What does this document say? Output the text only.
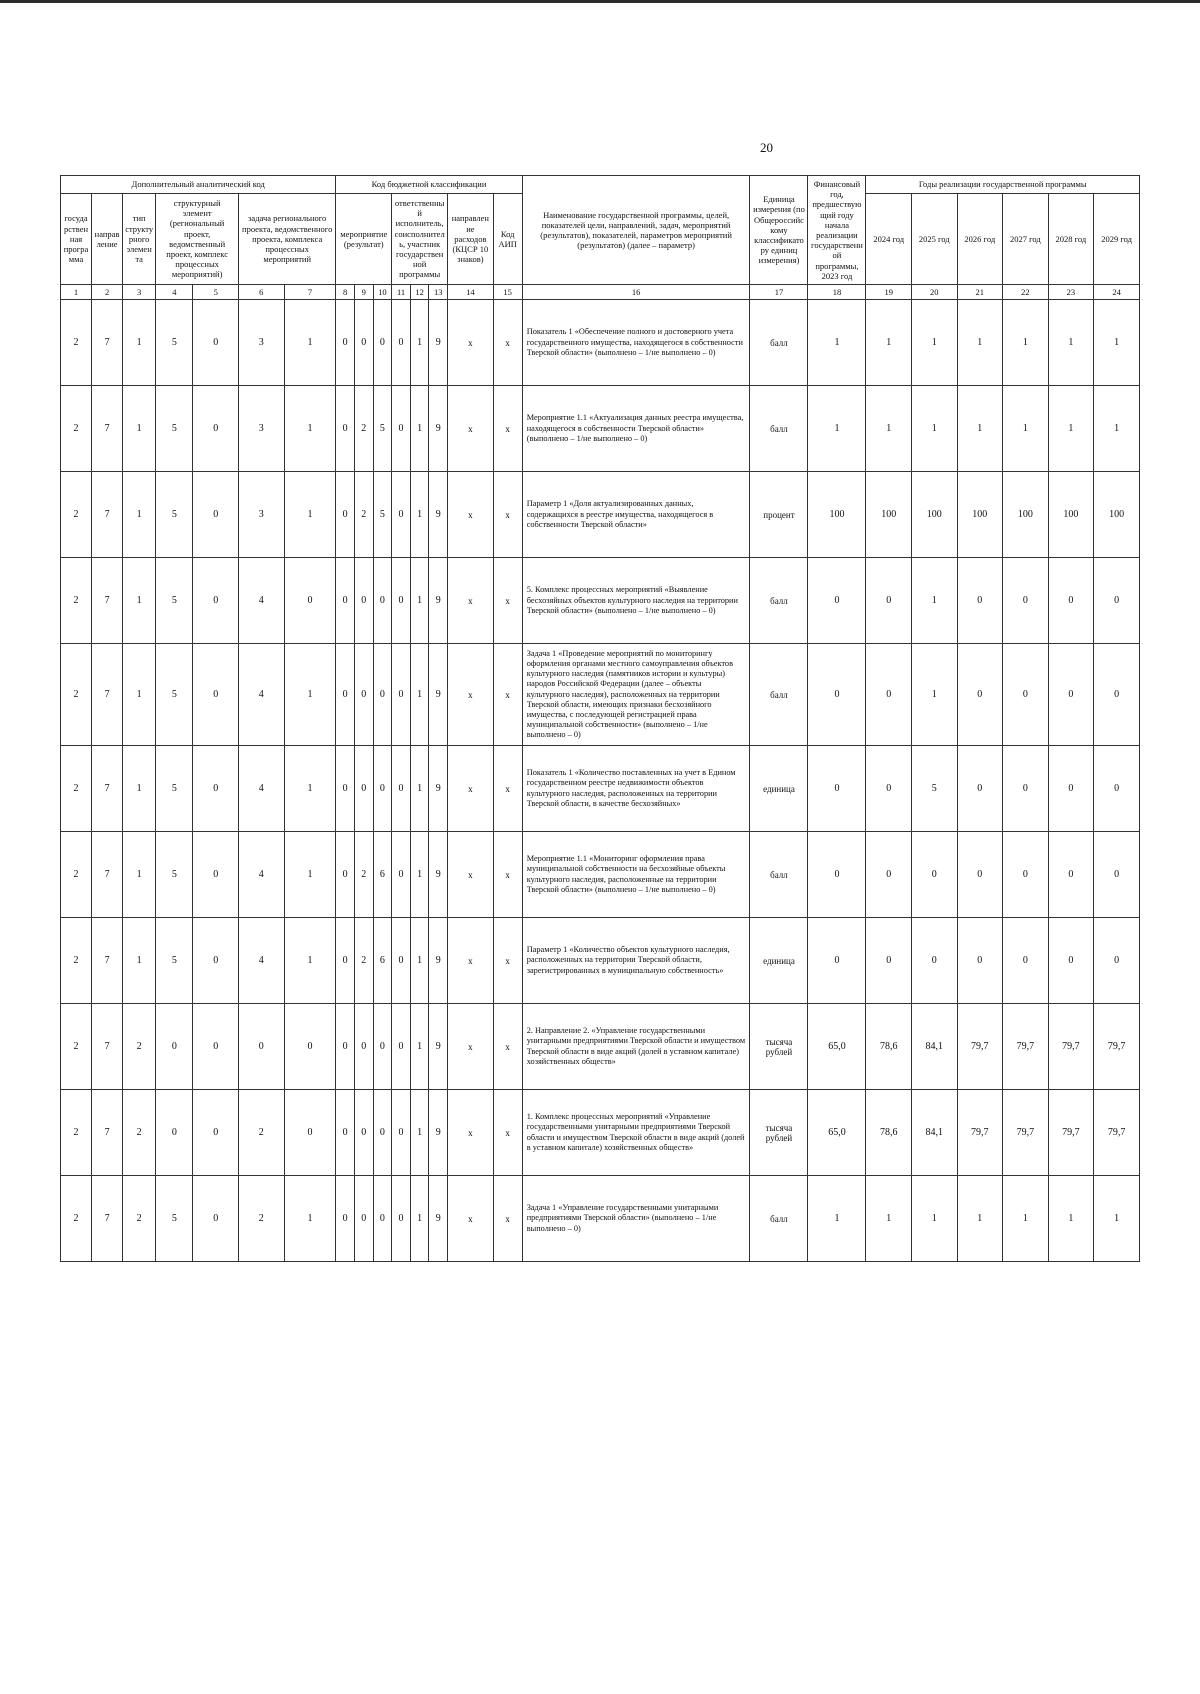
20
Дополнительный аналитический код							Код бюджетной классификации								Наименование государственной программы, целей, показателей цели, направлений, задач, мероприятий (результатов), показателей, параметров мероприятий (результатов) (далее – параметр)	Единица измерения (по Общероссийскому классификатору единиц измерения)	Финансовый год, предшествующий году начала реализации государственной программы, 2023 год	Годы реализации государственной программы					
государственная программа	направление	тип структурного элемента	структурный элемент (региональный проект, ведомственный проект, комплекс процессных мероприятий)		задача регионального проекта, ведомственного проекта, комплекса процессных мероприятий		мероприятие (результат)			ответственный исполнитель, соисполнитель, участник государственной программы			направление расходов (КЦСР 10 знаков)	Код АИП				2024 год	2025 год	2026 год	2027 год	2028 год	2029 год
1	2	3	4	5	6	7	8	9	10	11	12	13	14	15	16	17	18	19	20	21	22	23	24
2	7	1	5	0	3	1	0	0	0	0	1	9	x	x	Показатель 1 «Обеспечение полного и достоверного учета государственного имущества, находящегося в собственности Тверской области» (выполнено – 1/не выполнено – 0)	балл	1	1	1	1	1	1	1
2	7	1	5	0	3	1	0	2	5	0	1	9	x	x	Мероприятие 1.1 «Актуализация данных реестра имущества, находящегося в собственности Тверской области» (выполнено – 1/не выполнено – 0)	балл	1	1	1	1	1	1	1
2	7	1	5	0	3	1	0	2	5	0	1	9	x	x	Параметр 1 «Доля актуализированных данных, содержащихся в реестре имущества, находящегося в собственности Тверской области»	процент	100	100	100	100	100	100	100
2	7	1	5	0	4	0	0	0	0	0	1	9	x	x	5. Комплекс процессных мероприятий «Выявление бесхозяйных объектов культурного наследия на территории Тверской области» (выполнено – 1/не выполнено – 0)	балл	0	0	1	0	0	0	0
2	7	1	5	0	4	1	0	0	0	0	1	9	x	x	Задача 1 «Проведение мероприятий по мониторингу оформления органами местного самоуправления объектов культурного наследия (памятников истории и культуры) народов Российской Федерации (далее – объекты культурного наследия), расположенных на территории Тверской области, имеющих признаки бесхозяйного имущества, с последующей регистрацией права муниципальной собственности» (выполнено – 1/не выполнено – 0)	балл	0	0	1	0	0	0	0
2	7	1	5	0	4	1	0	0	0	0	1	9	x	x	Показатель 1 «Количество поставленных на учет в Едином государственном реестре недвижимости объектов культурного наследия, расположенных на территории Тверской области, в качестве бесхозяйных»	единица	0	0	5	0	0	0	0
2	7	1	5	0	4	1	0	2	6	0	1	9	x	x	Мероприятие 1.1 «Мониторинг оформления права муниципальной собственности на бесхозяйные объекты культурного наследия, расположенные на территории Тверской области» (выполнено – 1/не выполнено – 0)	балл	0	0	0	0	0	0	0
2	7	1	5	0	4	1	0	2	6	0	1	9	x	x	Параметр 1 «Количество объектов культурного наследия, расположенных на территории Тверской области, зарегистрированных в муниципальную собственность»	единица	0	0	0	0	0	0	0
2	7	2	0	0	0	0	0	0	0	0	1	9	x	x	2. Направление 2. «Управление государственными унитарными предприятиями Тверской области и имуществом Тверской области в виде акций (долей в уставном капитале) хозяйственных обществ»	тысяча рублей	65,0	78,6	84,1	79,7	79,7	79,7	79,7
2	7	2	0	0	2	0	0	0	0	0	1	9	x	x	1. Комплекс процессных мероприятий «Управление государственными унитарными предприятиями Тверской области и имуществом Тверской области в виде акций (долей в уставном капитале) хозяйственных обществ»	тысяча рублей	65,0	78,6	84,1	79,7	79,7	79,7	79,7
2	7	2	5	0	2	1	0	0	0	0	1	9	x	x	Задача 1 «Управление государственными унитарными предприятиями Тверской области» (выполнено – 1/не выполнено – 0)	балл	1	1	1	1	1	1	1
